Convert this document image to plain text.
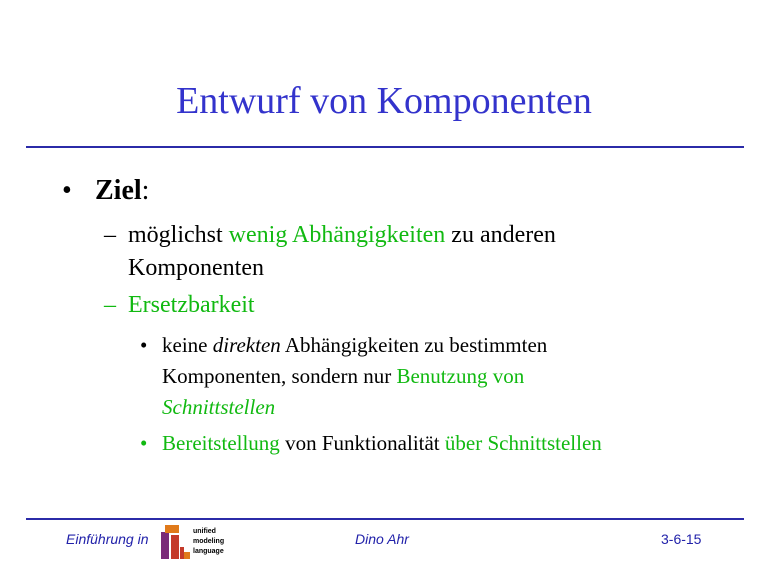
Entwurf von Komponenten
• Ziel:
– möglichst wenig Abhängigkeiten zu anderen
Komponenten
– Ersetzbarkeit
• keine direkten Abhängigkeiten zu bestimmten
Komponenten, sondern nur Benutzung von
Schnittstellen
• Bereitstellung von Funktionalität über Schnittstellen
Einführung in	unified
modeling
language
Dino Ahr	3-6-15
